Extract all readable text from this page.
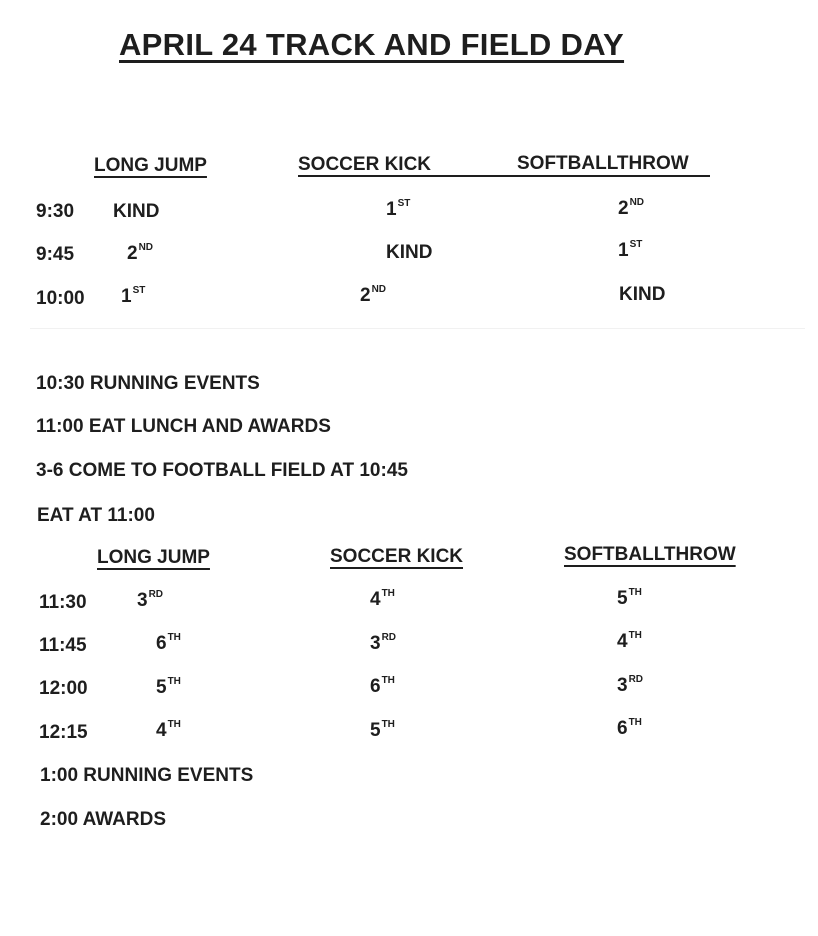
APRIL 24 TRACK AND FIELD DAY
LONG JUMP	SOCCER KICK	SOFTBALLTHROW
9:30 KIND	1ST	2ND
9:45	2ND	KIND	1ST
10:00 1ST	2ND	KIND
10:30 RUNNING EVENTS
11:00 EAT LUNCH AND AWARDS
3-6 COME TO FOOTBALL FIELD AT 10:45
EAT AT 11:00
LONG JUMP	SOCCER KICK	SOFTBALLTHROW
11:30	3RD	4TH	5TH
11:45	6TH	3RD	4TH
12:00	5TH	6TH	3RD
12:15	4TH	5TH	6TH
1:00 RUNNING EVENTS
2:00 AWARDS
